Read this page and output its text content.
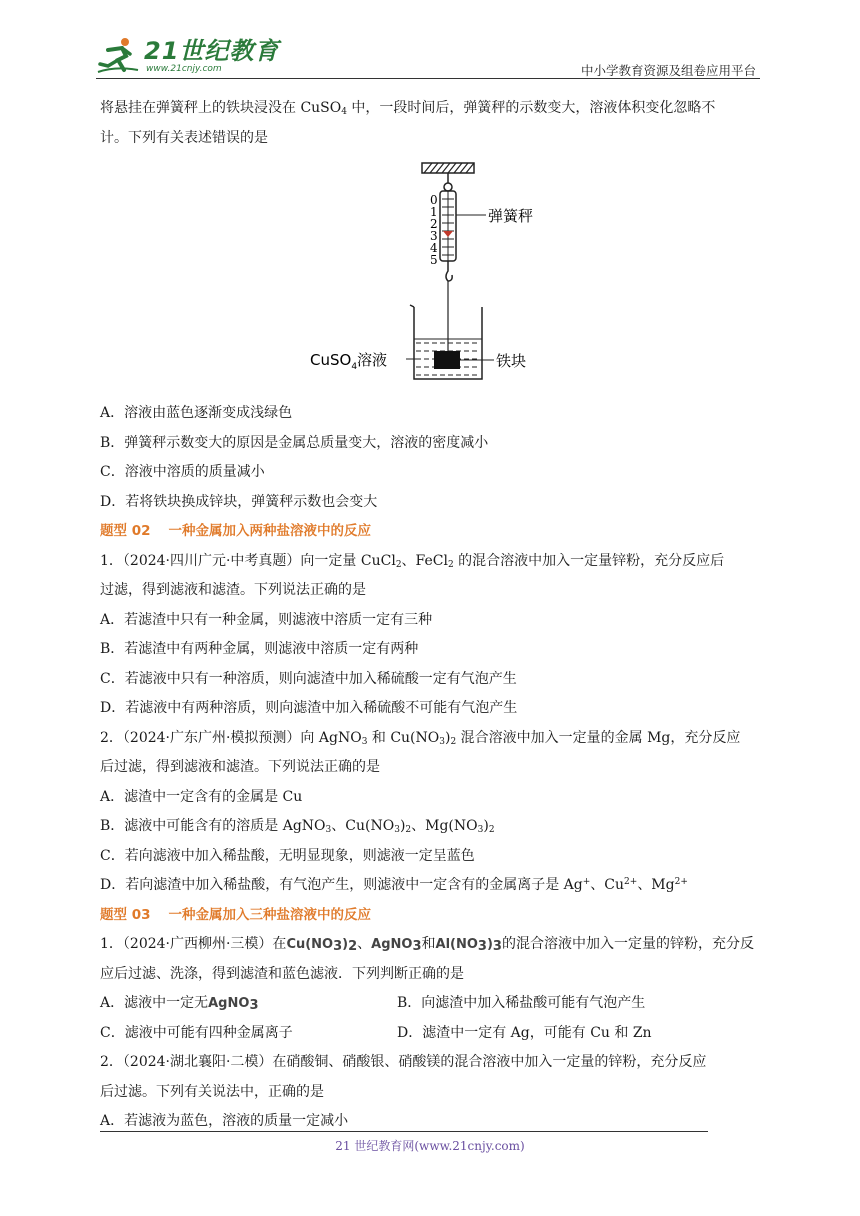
21世纪教育
www.21cnjy.com	中小学教育资源及组卷应用平台

将悬挂在弹簧秤上的铁块浸没在 CuSO$_4$ 中，一段时间后，弹簧秤的示数变大，溶液体积变化忽略不

计。下列有关表述错误的是

0
1
2
3
4
5
弹簧秤
CuSO$_4$溶液	铁块

A．溶液由蓝色逐渐变成浅绿色

B．弹簧秤示数变大的原因是金属总质量变大，溶液的密度减小

C．溶液中溶质的质量减小

D．若将铁块换成锌块，弹簧秤示数也会变大

题型 02 一种金属加入两种盐溶液中的反应

1．（2024·四川广元·中考真题）向一定量 CuCl$_2$、FeCl$_2$ 的混合溶液中加入一定量锌粉，充分反应后

过滤，得到滤液和滤渣。下列说法正确的是

A．若滤渣中只有一种金属，则滤液中溶质一定有三种

B．若滤渣中有两种金属，则滤液中溶质一定有两种

C．若滤液中只有一种溶质，则向滤渣中加入稀硫酸一定有气泡产生

D．若滤液中有两种溶质，则向滤渣中加入稀硫酸不可能有气泡产生

2．（2024·广东广州·模拟预测）向 AgNO$_3$ 和 $Cu(NO_3)_2$ 混合溶液中加入一定量的金属 Mg，充分反应

后过滤，得到滤液和滤渣。下列说法正确的是

A．滤渣中一定含有的金属是 Cu

B．滤液中可能含有的溶质是 AgNO$_3$、$Cu(NO_3)_2$、$Mg(NO_3)_2$

C．若向滤液中加入稀盐酸，无明显现象，则滤液一定呈蓝色

D．若向滤渣中加入稀盐酸，有气泡产生，则滤液中一定含有的金属离子是 Ag+、$Cu^{2+}$、$Mg^{2+}$

题型 03 一种金属加入三种盐溶液中的反应

1．（2024·广西柳州·三模）在$Cu(NO_3)_2$、AgNO$_3$和$Al(NO_3)_3$的混合溶液中加入一定量的锌粉，充分反

应后过滤、洗涤，得到滤渣和蓝色滤液．下列判断正确的是

A．滤液中一定无AgNO$_3$	B．向滤渣中加入稀盐酸可能有气泡产生
C．滤液中可能有四种金属离子	D．滤渣中一定有 Ag，可能有 Cu 和 Zn

2．（2024·湖北襄阳·二模）在硝酸铜、硝酸银、硝酸镁的混合溶液中加入一定量的锌粉，充分反应

后过滤。下列有关说法中，正确的是

A．若滤液为蓝色，溶液的质量一定减小

21 世纪教育网(www.21cnjy.com)
